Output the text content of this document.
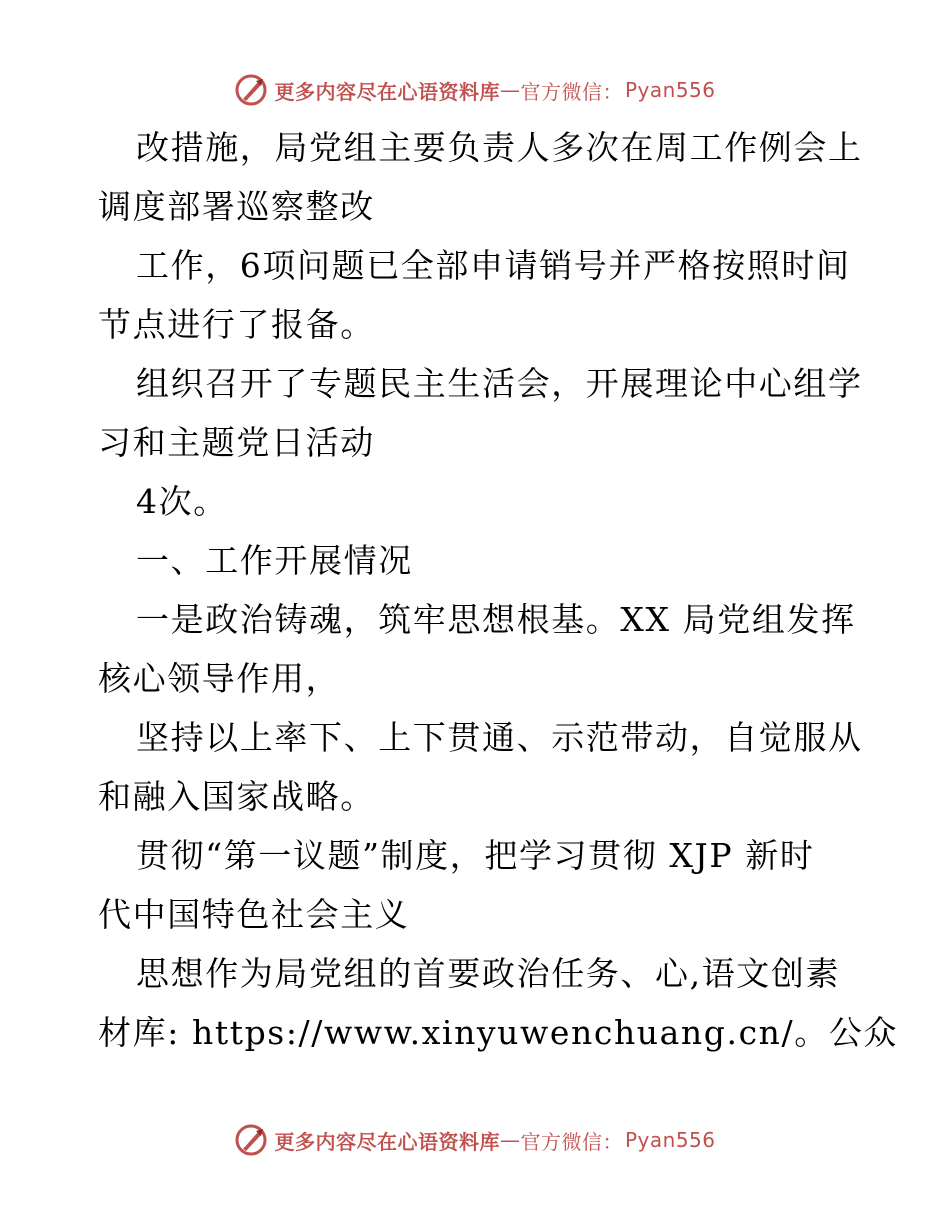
更多内容尽在心语资料库 — 官方微信： Pyan556
改措施，局党组主要负责人多次在周工作例会上
调度部署巡察整改
工作，6项问题已全部申请销号并严格按照时间
节点进行了报备。
组织召开了专题民主生活会，开展理论中心组学
习和主题党日活动
4次。
一、工作开展情况
一是政治铸魂，筑牢思想根基。XX 局党组发挥
核心领导作用，
坚持以上率下、上下贯通、示范带动，自觉服从
和融入国家战略。
贯彻“第一议题”制度，把学习贯彻 XJP 新时
代中国特色社会主义
思想作为局党组的首要政治任务、心,语文创素
材库: https://www.xinyuwenchuang.cn/。公众
更多内容尽在心语资料库 — 官方微信： Pyan556
